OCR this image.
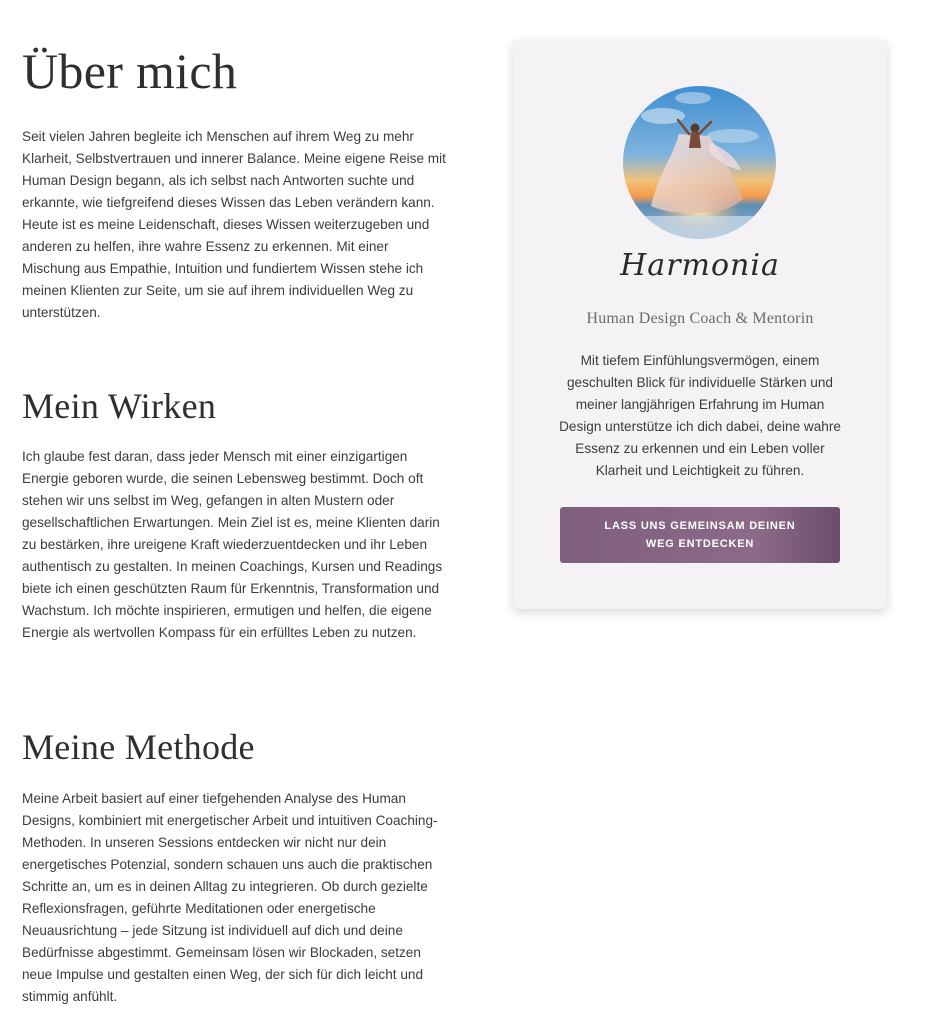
Über mich

Seit vielen Jahren begleite ich Menschen auf ihrem Weg zu mehr Klarheit, Selbstvertrauen und innerer Balance. Meine eigene Reise mit Human Design begann, als ich selbst nach Antworten suchte und erkannte, wie tiefgreifend dieses Wissen das Leben verändern kann. Heute ist es meine Leidenschaft, dieses Wissen weiterzugeben und anderen zu helfen, ihre wahre Essenz zu erkennen. Mit einer Mischung aus Empathie, Intuition und fundiertem Wissen stehe ich meinen Klienten zur Seite, um sie auf ihrem individuellen Weg zu unterstützen.

Mein Wirken

Ich glaube fest daran, dass jeder Mensch mit einer einzigartigen Energie geboren wurde, die seinen Lebensweg bestimmt. Doch oft stehen wir uns selbst im Weg, gefangen in alten Mustern oder gesellschaftlichen Erwartungen. Mein Ziel ist es, meine Klienten darin zu bestärken, ihre ureigene Kraft wiederzuentdecken und ihr Leben authentisch zu gestalten. In meinen Coachings, Kursen und Readings biete ich einen geschützten Raum für Erkenntnis, Transformation und Wachstum. Ich möchte inspirieren, ermutigen und helfen, die eigene Energie als wertvollen Kompass für ein erfülltes Leben zu nutzen.

Meine Methode

Meine Arbeit basiert auf einer tiefgehenden Analyse des Human Designs, kombiniert mit energetischer Arbeit und intuitiven Coaching-Methoden. In unseren Sessions entdecken wir nicht nur dein energetisches Potenzial, sondern schauen uns auch die praktischen Schritte an, um es in deinen Alltag zu integrieren. Ob durch gezielte Reflexionsfragen, geführte Meditationen oder energetische Neuausrichtung – jede Sitzung ist individuell auf dich und deine Bedürfnisse abgestimmt. Gemeinsam lösen wir Blockaden, setzen neue Impulse und gestalten einen Weg, der sich für dich leicht und stimmig anfühlt.

Harmonia
Human Design Coach & Mentorin

Mit tiefem Einfühlungsvermögen, einem geschulten Blick für individuelle Stärken und meiner langjährigen Erfahrung im Human Design unterstütze ich dich dabei, deine wahre Essenz zu erkennen und ein Leben voller Klarheit und Leichtigkeit zu führen.

LASS UNS GEMEINSAM DEINEN WEG ENTDECKEN
